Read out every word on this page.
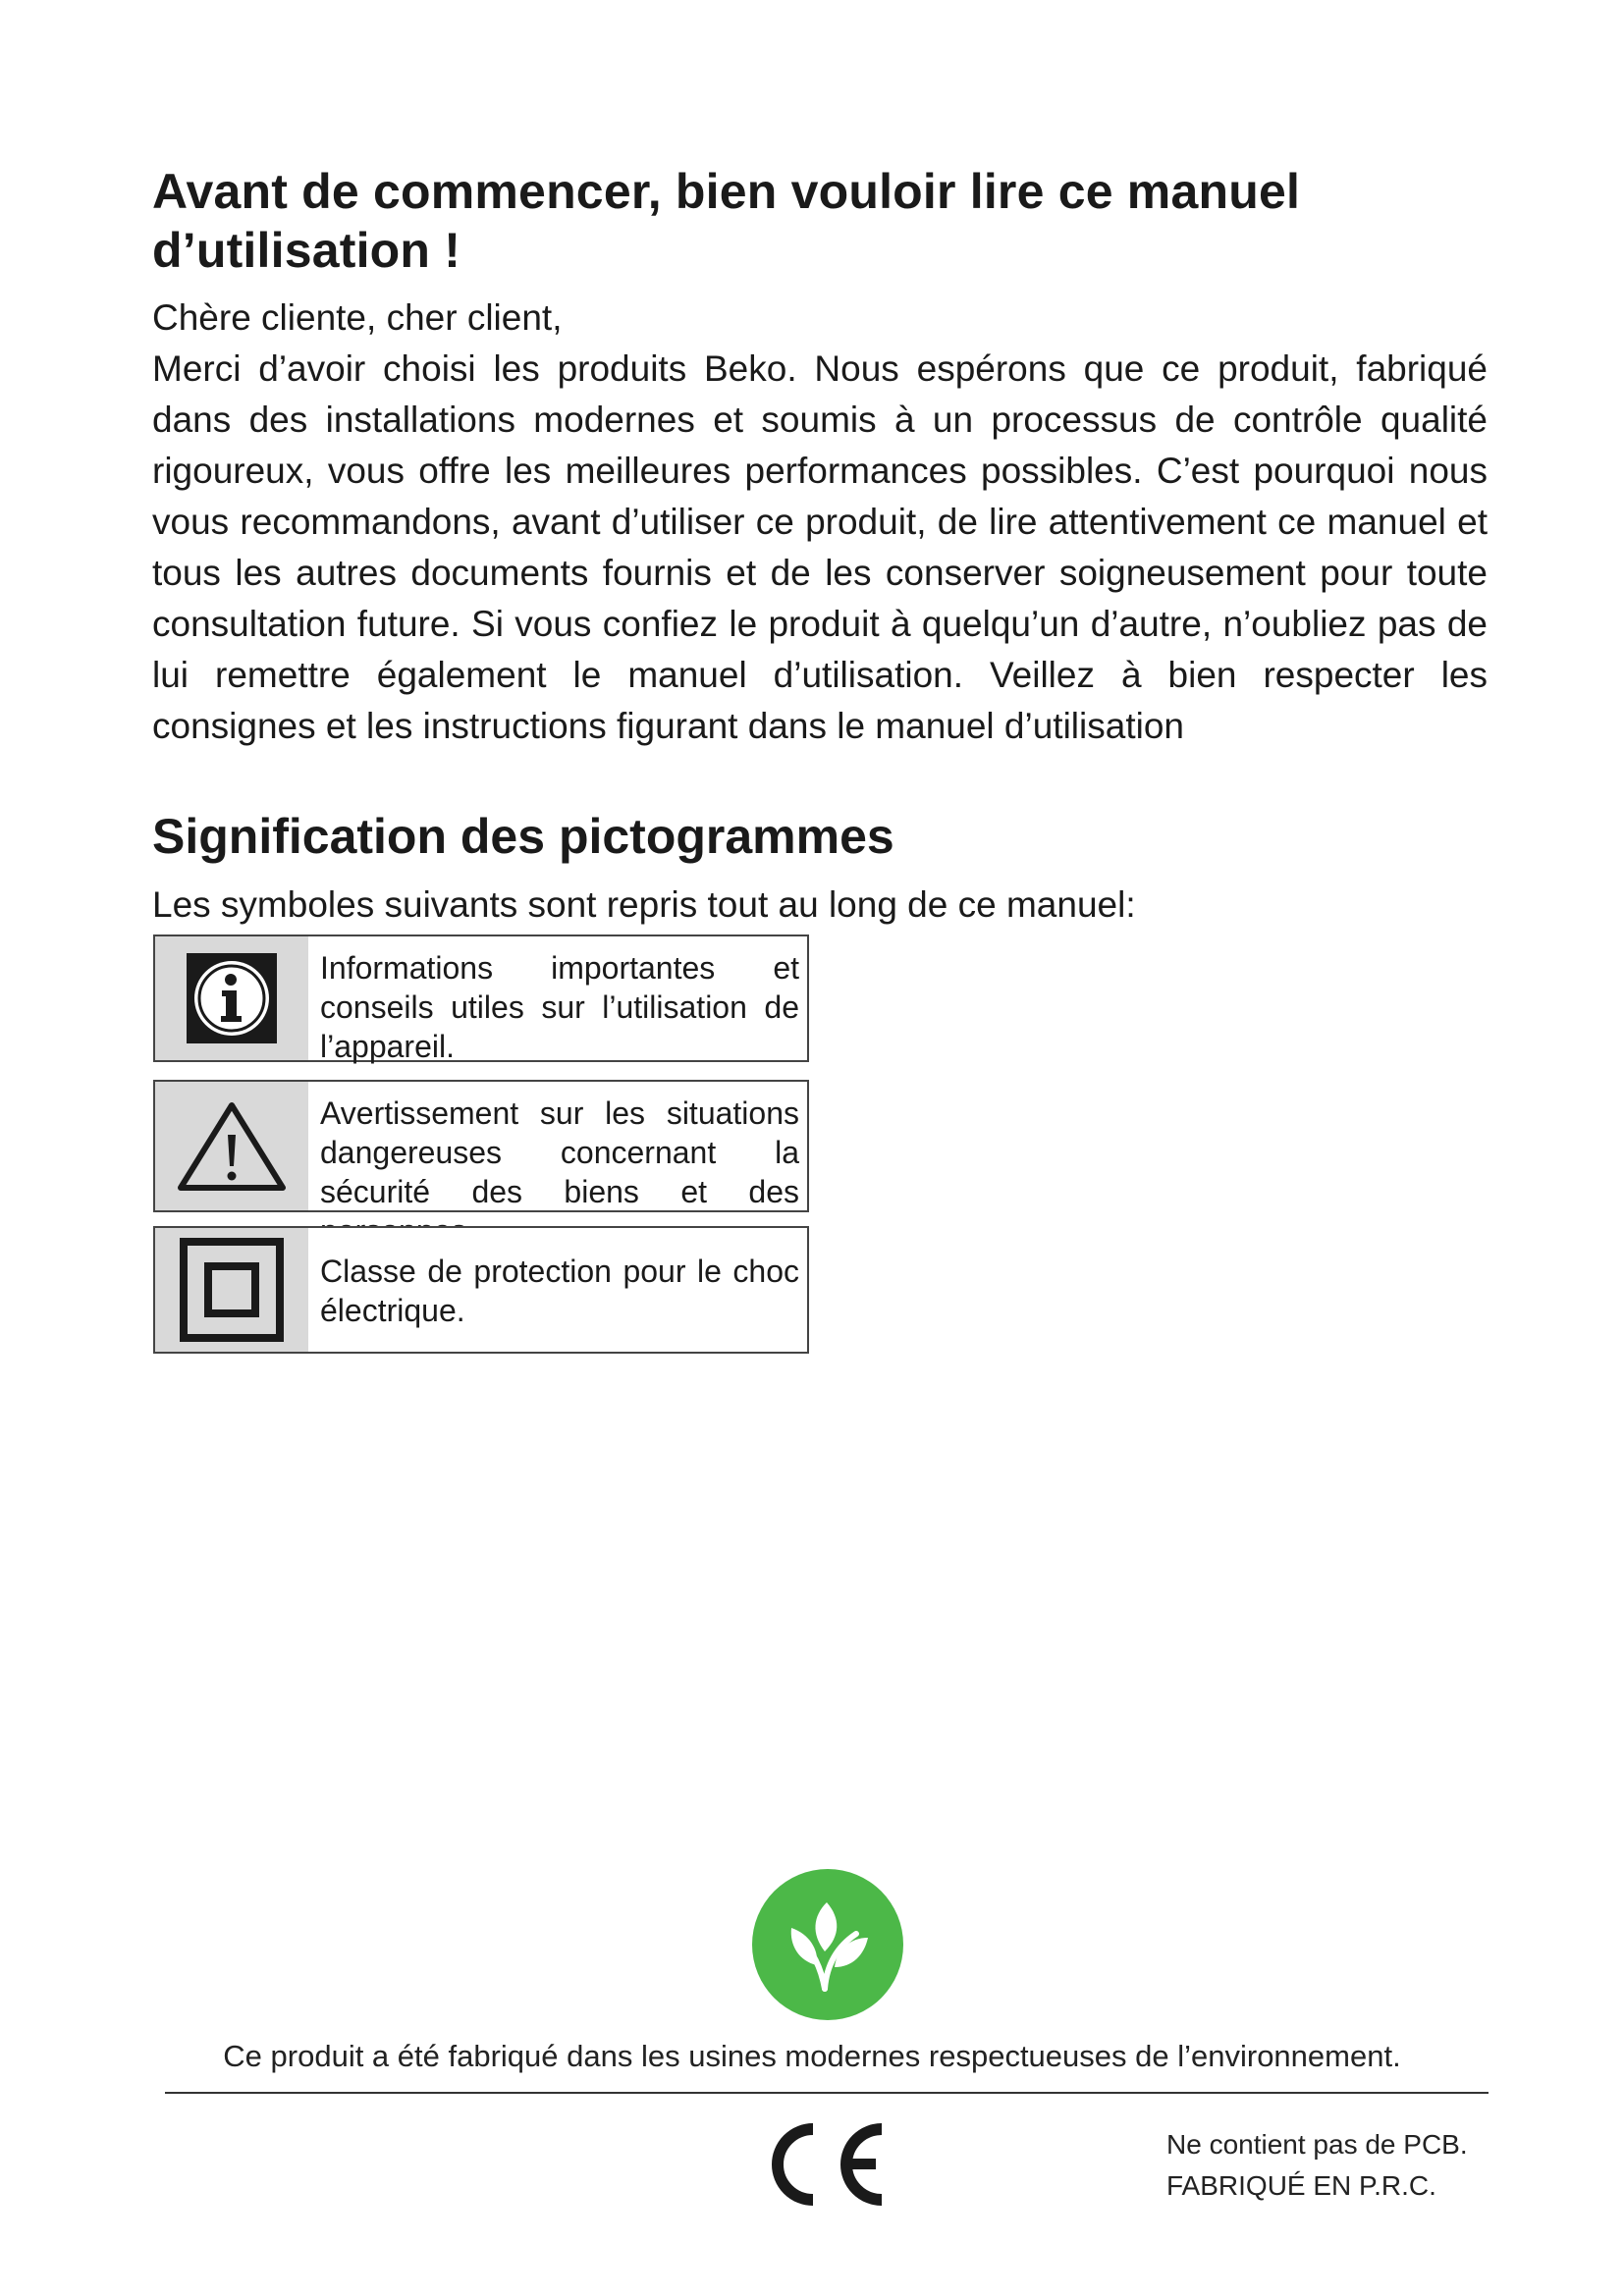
Avant de commencer, bien vouloir lire ce manuel d’utilisation !
Chère cliente, cher client,

Merci d’avoir choisi les produits Beko. Nous espérons que ce produit, fabriqué dans des installations modernes et soumis à un processus de contrôle qualité rigoureux, vous offre les meilleures performances possibles. C’est pourquoi nous vous recommandons, avant d’utiliser ce produit, de lire attentivement ce manuel et tous les autres documents fournis et de les conserver soigneusement pour toute consultation future. Si vous confiez le produit à quelqu’un d’autre, n’oubliez pas de lui remettre également le manuel d’utilisation. Veillez à bien respecter les consignes et les instructions figurant dans le manuel d’utilisation

Signification des pictogrammes
Les symboles suivants sont repris tout au long de ce manuel:
Informations importantes et conseils utiles sur l’utilisation de l’appareil.
Avertissement sur les situations dangereuses concernant la sécurité des biens et des
Classe de protection pour le choc électrique.
Ce produit a été fabriqué dans les usines modernes respectueuses de l’environnement.
Ne contient pas de PCB.
FABRIQUÉ EN P.R.C.
